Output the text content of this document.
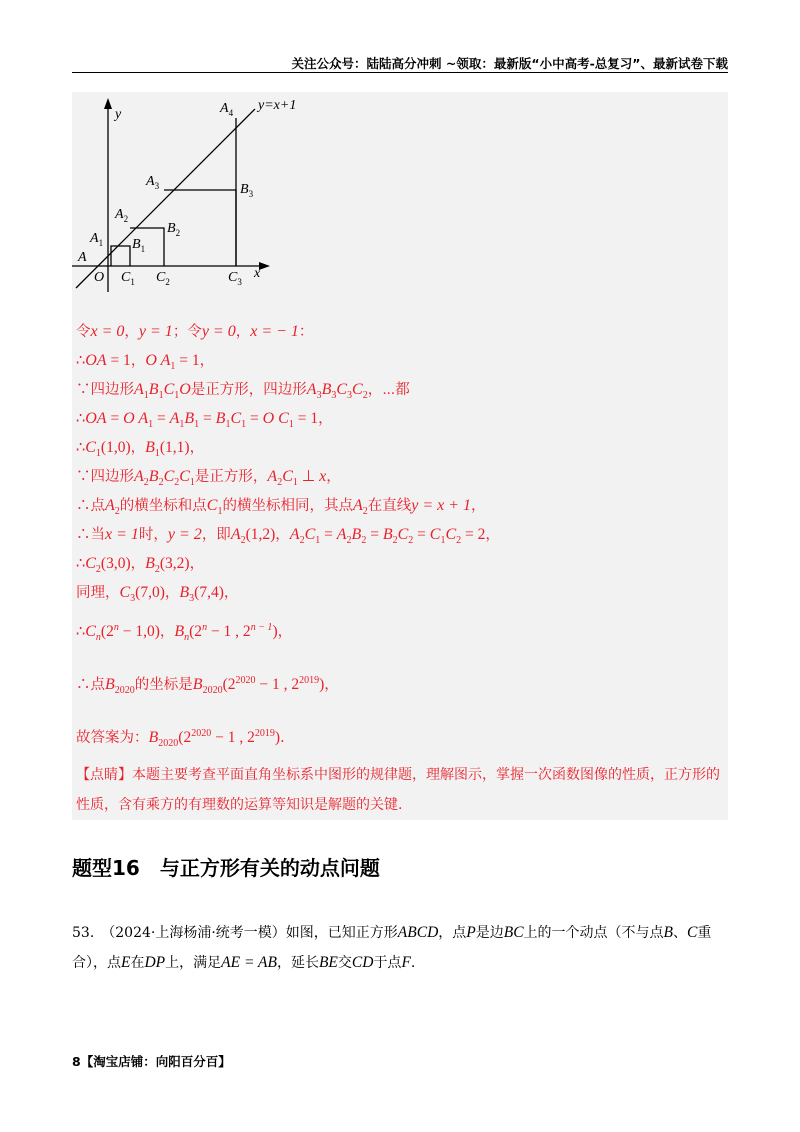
关注公众号：陆陆高分冲刺 ~领取：最新版“小中高考-总复习”、最新试卷下载
y
y=x+1
$A_4$
$A_3$	$B_3$
$A_2$
$B_2$
$A_1$ $B_1$
A
O $C_1$ $C_2$	$C_3$
x
令x = 0，y = 1；令y = 0，x = − 1：
∴OA = 1，O $A_1 = 1$，
∵四边形$A_1B_1C_1O$是正方形，四边形$A_3B_3C_3C_2$，⋯都
∴OA = O $A_1 = A_1B_1 = B_1C_1 = O$ $C_1 = 1$，
$\therefore C_1(1,0)$，$B_1(1,1)$，
∵四边形$A_2B_2C_2C_1$是正方形，$A_2C_1$ ⊥ x，
∴点$A_2$的横坐标和点$C_1$的横坐标相同，其点$A_2$在直线y = x + 1，
∴当x = 1时，y = 2，即$A_2(1,2)$，$A_2C_1 = A_2B_2 = B_2C_2 = C_1C_2 = 2$，
$\therefore C_2(3,0)$，$B_2(3,2)$，
同理，$C_3(7,0)$，$B_3(7,4)$，
$\therefore C_n(2^n - 1,0)$，$B_n(2^n - 1$ , $2^{n - 1}$)，
∴点$B_{2020}$的坐标是$B_{2020}(2^{2020} - 1$ , $2^{2019}$)，
故答案为：$B_{2020}(2^{2020} - 1$ , $2^{2019}$).
【点睛】本题主要考查平面直角坐标系中图形的规律题，理解图示，掌握一次函数图像的性质，正方形的性质，含有乘方的有理数的运算等知识是解题的关键.
题型16　与正方形有关的动点问题
53.　（2024·上海杨浦·统考一模）如图，已知正方形ABCD，点P是边BC上的一个动点（不与点B、C重合），点E在DP上，满足AE = AB，延长BE交CD于点F.
8【淘宝店铺：向阳百分百】
